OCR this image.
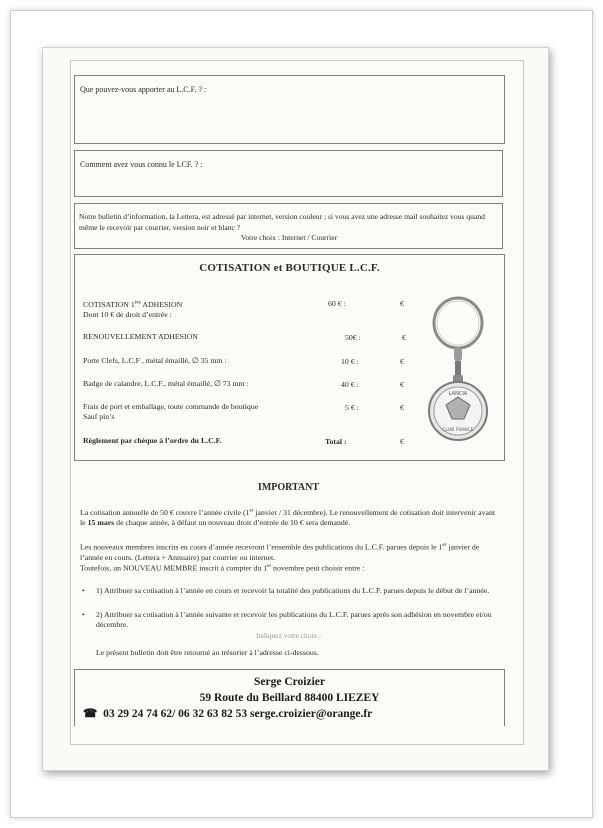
Que pouvez-vous apporter au L.C.F. ? :
Comment avez vous connu le LCF. ? :
Notre bulletin d’information, la Lettera, est adressé par internet, version couleur ; si vous avez une adresse mail souhaitez vous quand même le recevoir par courrier, version noir et blanc ?
Votre choix : Internet / Courrier
COTISATION et BOUTIQUE L.C.F.
COTISATION 1ère ADHESION
Dont 10 € de droit d’entrée :
60 € :	€
RENOUVELLEMENT ADHESION	50€ :	€
Porte Clefs, L.C.F , métal émaillé, ∅ 35 mm :	10 € :	€
Badge de calandre, L.C.F., métal émaillé, ∅ 73 mm :	40 € :	€
Frais de port et emballage, toute commande de boutique
Sauf pin’s
5 € :	€
Règlement par chèque à l’ordre du L.C.F.	Total :	€
LANCIA
CLUB FRANCE
IMPORTANT
La cotisation annuelle de 50 € couvre l’année civile (1er janvier / 31 décembre). Le renouvellement de cotisation doit intervenir avant le 15 mars de chaque année, à défaut un nouveau droit d’entrée de 10 € sera demandé.
Les nouveaux membres inscrits en cours d’année recevront l’ensemble des publications du L.C.F. parues depuis le 1er janvier de l’année en cours. (Lettera + Annuaire) par courrier ou internet.
Toutefois, un NOUVEAU MEMBRE inscrit à compter du 1er novembre peut choisir entre :
• 1) Attribuer sa cotisation à l’année en cours et recevoir la totalité des publications du L.C.F. parues depuis le début de l’année.
• 2) Attribuer sa cotisation à l’année suivante et recevoir les publications du L.C.F. parues après son adhésion en novembre et/ou décembre.
Indiquez votre choix :
Le présent bulletin doit être retourné au trésorier à l’adresse ci-dessous.
Serge Croizier
59 Route du Beillard 88400 LIEZEY
☎ 03 29 24 74 62/ 06 32 63 82 53 serge.croizier@orange.fr
